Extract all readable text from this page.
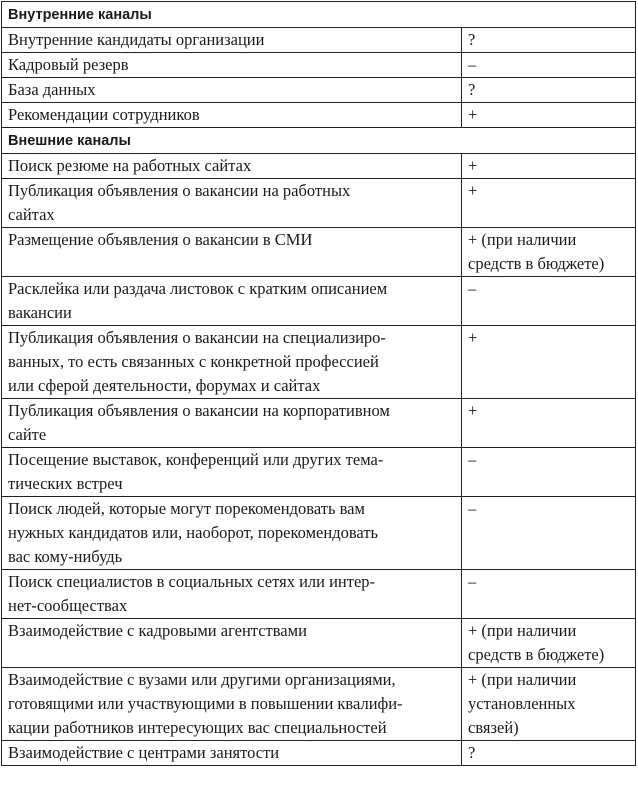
Внутренние каналы	

Внутренние кандидаты организации	?

Кадровый резерв	–

База данных	?

Рекомендации сотрудников	+

Внешние каналы	

Поиск резюме на работных сайтах	+

Публикация объявления о вакансии на работных
сайтах	+

Размещение объявления о вакансии в СМИ	+ (при наличии
средств в бюджете)

Расклейка или раздача листовок с кратким описанием
вакансии	–

Публикация объявления о вакансии на специализиро-
ванных, то есть связанных с конкретной профессией
или сферой деятельности, форумах и сайтах	+

Публикация объявления о вакансии на корпоративном
сайте	+

Посещение выставок, конференций или других тема-
тических встреч	–

Поиск людей, которые могут порекомендовать вам
нужных кандидатов или, наоборот, порекомендовать
вас кому-нибудь	–

Поиск специалистов в социальных сетях или интер-
нет-сообществах	–

Взаимодействие с кадровыми агентствами	+ (при наличии
средств в бюджете)

Взаимодействие с вузами или другими организациями,
готовящими или участвующими в повышении квалифи-
кации работников интересующих вас специальностей	+ (при наличии
установленных
связей)

Взаимодействие с центрами занятости	?
